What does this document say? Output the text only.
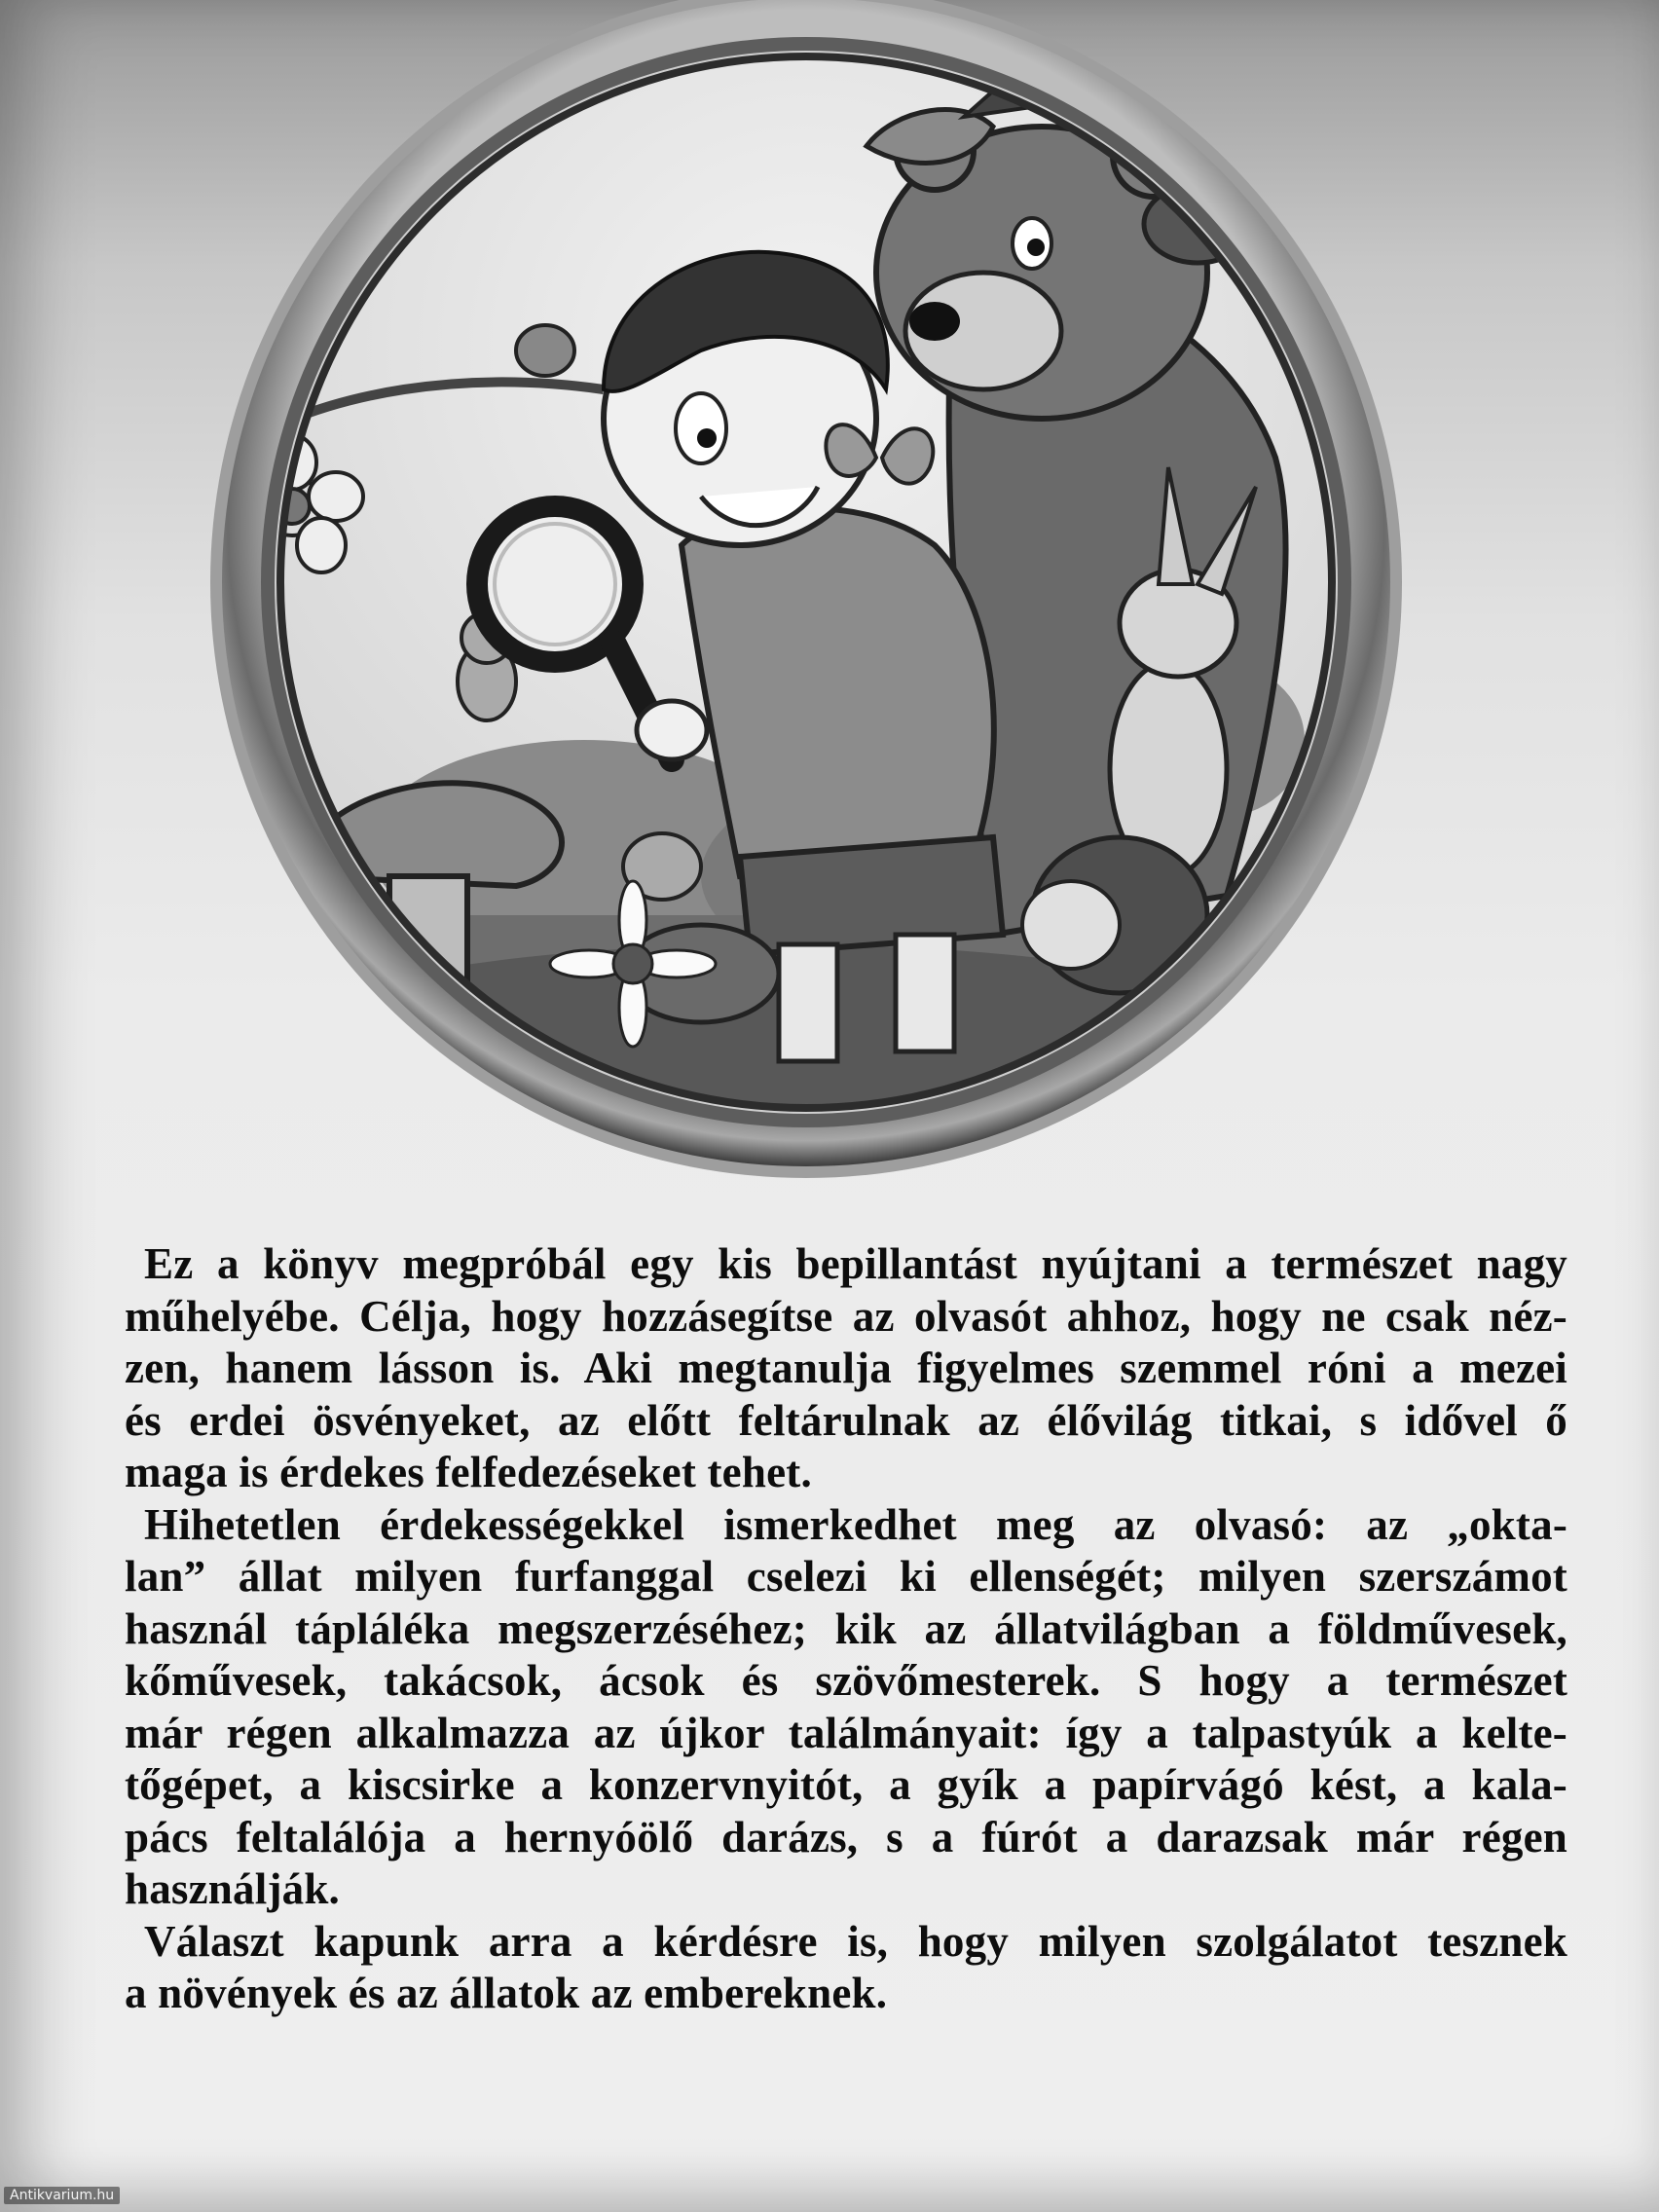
Ez a könyv megpróbál egy kis bepillantást nyújtani a természet nagy
műhelyébe. Célja, hogy hozzásegítse az olvasót ahhoz, hogy ne csak néz-
zen, hanem lásson is. Aki megtanulja figyelmes szemmel róni a mezei
és erdei ösvényeket, az előtt feltárulnak az élővilág titkai, s idővel ő
maga is érdekes felfedezéseket tehet.

Hihetetlen érdekességekkel ismerkedhet meg az olvasó: az „okta-
lan” állat milyen furfanggal cselezi ki ellenségét; milyen szerszámot
használ tápláléka megszerzéséhez; kik az állatvilágban a földművesek,
kőművesek, takácsok, ácsok és szövőmesterek. S hogy a természet
már régen alkalmazza az újkor találmányait: így a talpastyúk a kelte-
tőgépet, a kiscsirke a konzervnyitót, a gyík a papírvágó kést, a kala-
pács feltalálója a hernyóölő darázs, s a fúrót a darazsak már régen
használják.

Választ kapunk arra a kérdésre is, hogy milyen szolgálatot tesznek
a növények és az állatok az embereknek.

Antikvarium.hu
